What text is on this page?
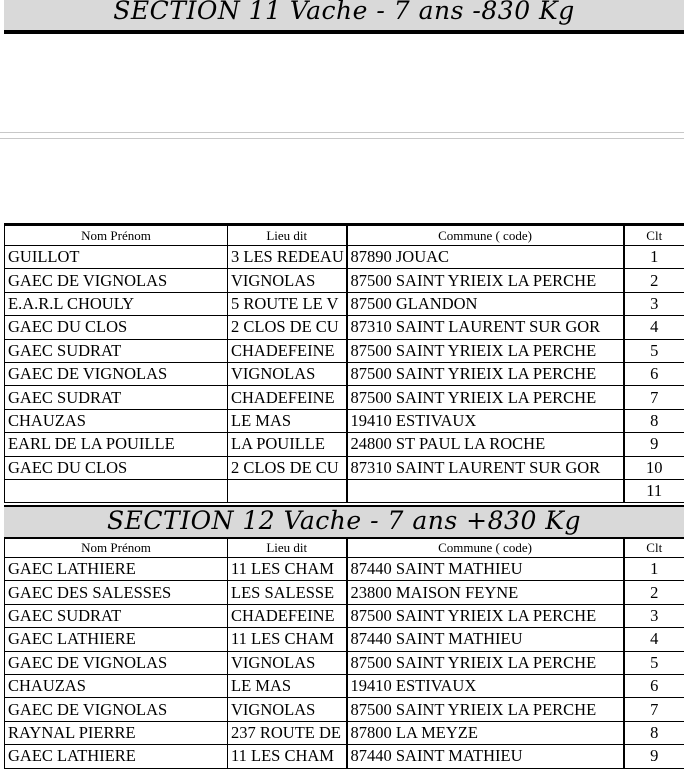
SECTION 11 Vache - 7 ans -830 Kg
Nom Prénom	Lieu dit	Commune ( code)	Clt
GUILLOT	3 LES REDEAU	87890 JOUAC	1
GAEC DE VIGNOLAS	VIGNOLAS	87500 SAINT YRIEIX LA PERCHE	2
E.A.R.L CHOULY	5 ROUTE LE V	87500 GLANDON	3
GAEC DU CLOS	2 CLOS DE CU	87310 SAINT LAURENT SUR GOR	4
GAEC SUDRAT	CHADEFEINE	87500 SAINT YRIEIX LA PERCHE	5
GAEC DE VIGNOLAS	VIGNOLAS	87500 SAINT YRIEIX LA PERCHE	6
GAEC SUDRAT	CHADEFEINE	87500 SAINT YRIEIX LA PERCHE	7
CHAUZAS	LE MAS	19410 ESTIVAUX	8
EARL DE LA POUILLE	LA POUILLE	24800 ST PAUL LA ROCHE	9
GAEC DU CLOS	2 CLOS DE CU	87310 SAINT LAURENT SUR GOR	10
			11
SECTION 12 Vache - 7 ans +830 Kg
Nom Prénom	Lieu dit	Commune ( code)	Clt
GAEC LATHIERE	11 LES CHAM	87440 SAINT MATHIEU	1
GAEC DES SALESSES	LES SALESSE	23800 MAISON FEYNE	2
GAEC SUDRAT	CHADEFEINE	87500 SAINT YRIEIX LA PERCHE	3
GAEC LATHIERE	11 LES CHAM	87440 SAINT MATHIEU	4
GAEC DE VIGNOLAS	VIGNOLAS	87500 SAINT YRIEIX LA PERCHE	5
CHAUZAS	LE MAS	19410 ESTIVAUX	6
GAEC DE VIGNOLAS	VIGNOLAS	87500 SAINT YRIEIX LA PERCHE	7
RAYNAL PIERRE	237 ROUTE DE	87800 LA MEYZE	8
GAEC LATHIERE	11 LES CHAM	87440 SAINT MATHIEU	9
